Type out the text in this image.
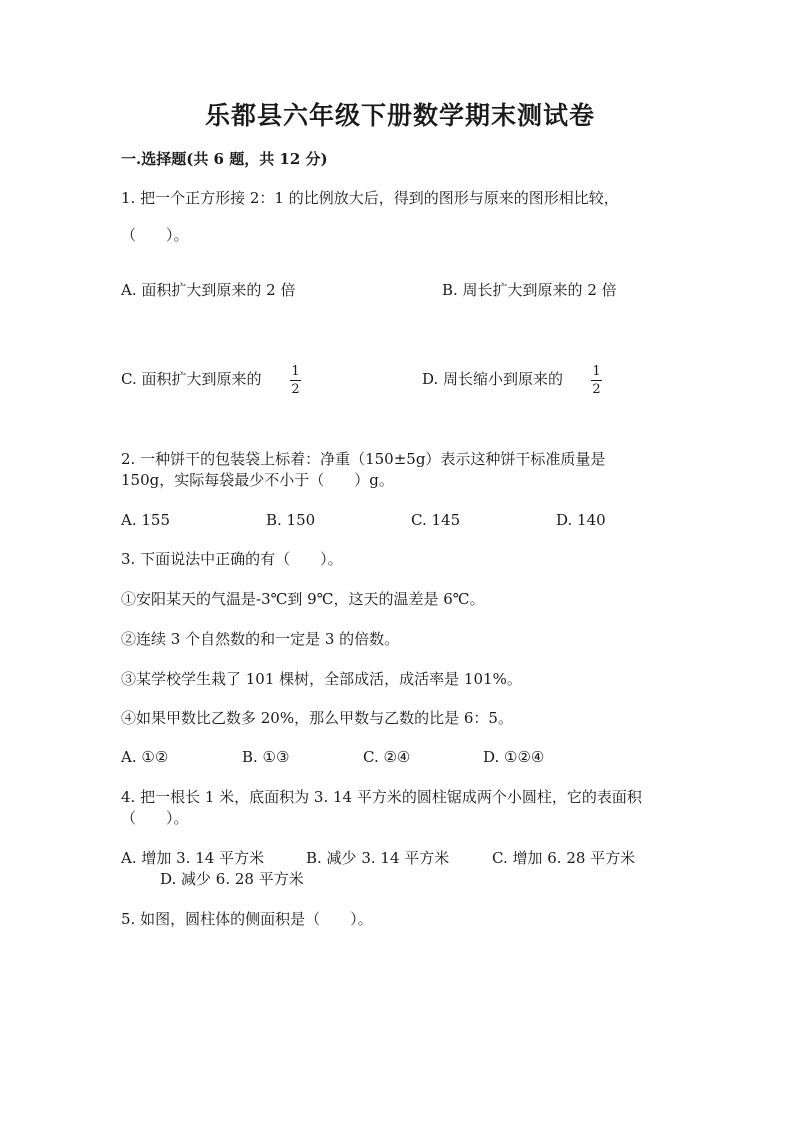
乐都县六年级下册数学期末测试卷
一.选择题(共 6 题，共 12 分)
1. 把一个正方形接 2：1 的比例放大后，得到的图形与原来的图形相比较，
（　　）。
A. 面积扩大到原来的 2 倍	B. 周长扩大到原来的 2 倍
C. 面积扩大到原来的 1
2
D. 周长缩小到原来的 1
2
2. 一种饼干的包装袋上标着：净重（150±5g）表示这种饼干标准质量是
150g，实际每袋最少不小于（　　）g。
A. 155	B. 150	C. 145	D. 140
3. 下面说法中正确的有（　　）。
①安阳某天的气温是-3℃到 9℃，这天的温差是 6℃。
②连续 3 个自然数的和一定是 3 的倍数。
③某学校学生栽了 101 棵树，全部成活，成活率是 101%。
④如果甲数比乙数多 20%，那么甲数与乙数的比是 6：5。
A. ①②	B. ①③	C. ②④	D. ①②④
4. 把一根长 1 米，底面积为 3. 14 平方米的圆柱锯成两个小圆柱，它的表面积
（　　）。
A. 增加 3. 14 平方米	B. 减少 3. 14 平方米	C. 增加 6. 28 平方米
D. 减少 6. 28 平方米
5. 如图，圆柱体的侧面积是（　　）。
